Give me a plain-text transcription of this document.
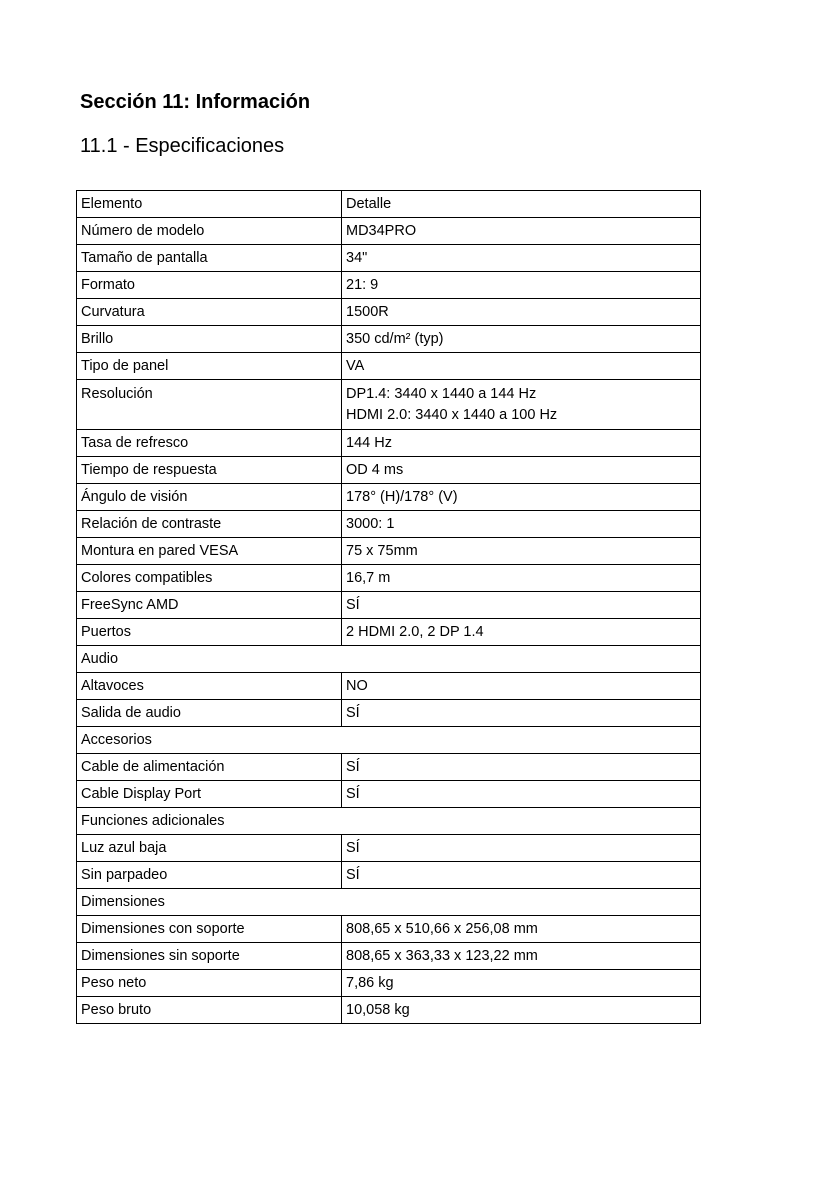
Sección 11: Información
11.1 - Especificaciones
Elemento	Detalle
Número de modelo	MD34PRO
Tamaño de pantalla	34"
Formato	21: 9
Curvatura	1500R
Brillo	350 cd/m² (typ)
Tipo de panel	VA
Resolución	DP1.4: 3440 x 1440 a 144 Hz
HDMI 2.0: 3440 x 1440 a 100 Hz

Tasa de refresco	144 Hz
Tiempo de respuesta	OD 4 ms
Ángulo de visión	178° (H)/178° (V)
Relación de contraste	3000: 1
Montura en pared VESA	75 x 75mm
Colores compatibles	16,7 m
FreeSync AMD	SÍ
Puertos	2 HDMI 2.0, 2 DP 1.4
Audio	
Altavoces	NO
Salida de audio	SÍ
Accesorios	
Cable de alimentación	SÍ
Cable Display Port	SÍ
Funciones adicionales	
Luz azul baja	SÍ
Sin parpadeo	SÍ
Dimensiones	
Dimensiones con soporte	808,65 x 510,66 x 256,08 mm
Dimensiones sin soporte	808,65 x 363,33 x 123,22 mm
Peso neto	7,86 kg
Peso bruto	10,058 kg
